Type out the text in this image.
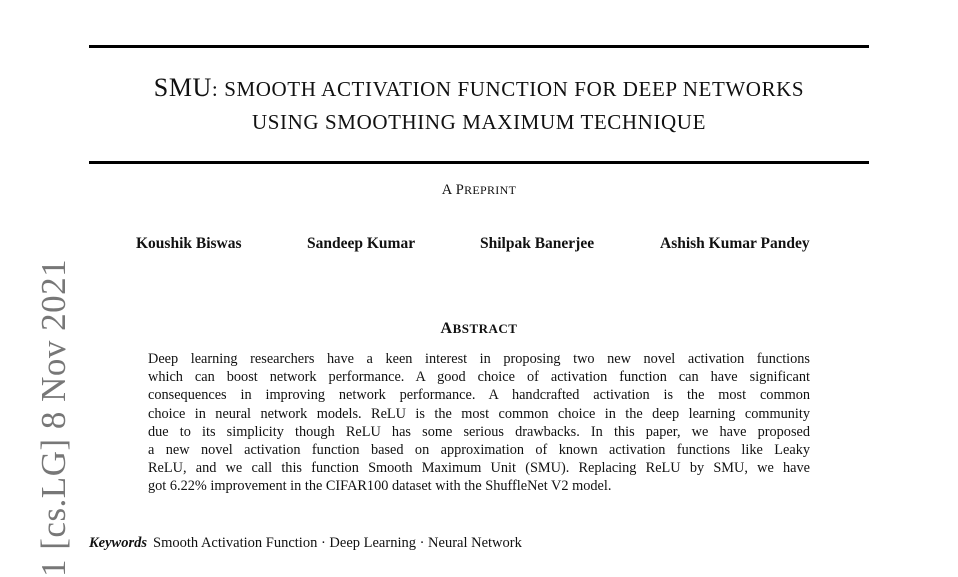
1 [cs.LG] 8 Nov 2021
SMU: SMOOTH ACTIVATION FUNCTION FOR DEEP NETWORKS
USING SMOOTHING MAXIMUM TECHNIQUE
A PREPRINT
Koushik Biswas	Sandeep Kumar	Shilpak Banerjee	Ashish Kumar Pandey
ABSTRACT
Deep learning researchers have a keen interest in proposing two new novel activation functions
which can boost network performance. A good choice of activation function can have significant
consequences in improving network performance. A handcrafted activation is the most common
choice in neural network models. ReLU is the most common choice in the deep learning community
due to its simplicity though ReLU has some serious drawbacks. In this paper, we have proposed
a new novel activation function based on approximation of known activation functions like Leaky
ReLU, and we call this function Smooth Maximum Unit (SMU). Replacing ReLU by SMU, we have
got 6.22% improvement in the CIFAR100 dataset with the ShuffleNet V2 model.
Keywords Smooth Activation Function · Deep Learning · Neural Network
